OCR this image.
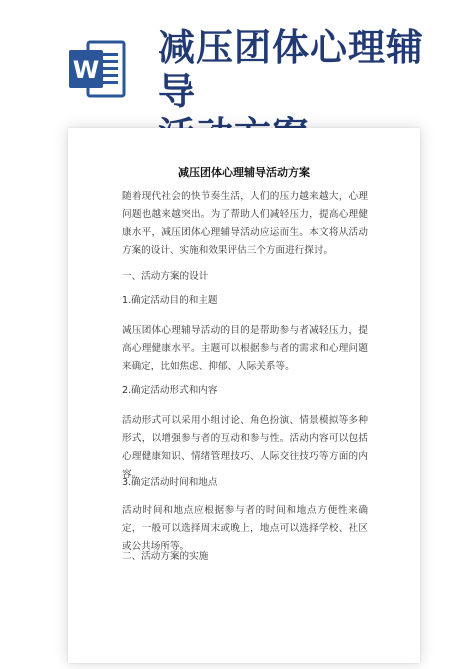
W
减压团体心理辅导
减压团体心理辅导活动方案
随着现代社会的快节奏生活，人们的压力越来越大，心理问题也越来越突出。为了帮助人们减轻压力，提高心理健康水平，减压团体心理辅导活动应运而生。本文将从活动方案的设计、实施和效果评估三个方面进行探讨。
一、活动方案的设计
1.确定活动目的和主题
减压团体心理辅导活动的目的是帮助参与者减轻压力，提高心理健康水平。主题可以根据参与者的需求和心理问题来确定，比如焦虑、抑郁、人际关系等。
2.确定活动形式和内容
活动形式可以采用小组讨论、角色扮演、情景模拟等多种形式，以增强参与者的互动和参与性。活动内容可以包括心理健康知识、情绪管理技巧、人际交往技巧等方面的内容。
3.确定活动时间和地点
活动时间和地点应根据参与者的时间和地点方便性来确定，一般可以选择周末或晚上，地点可以选择学校、社区或公共场所等。
二、活动方案的实施
